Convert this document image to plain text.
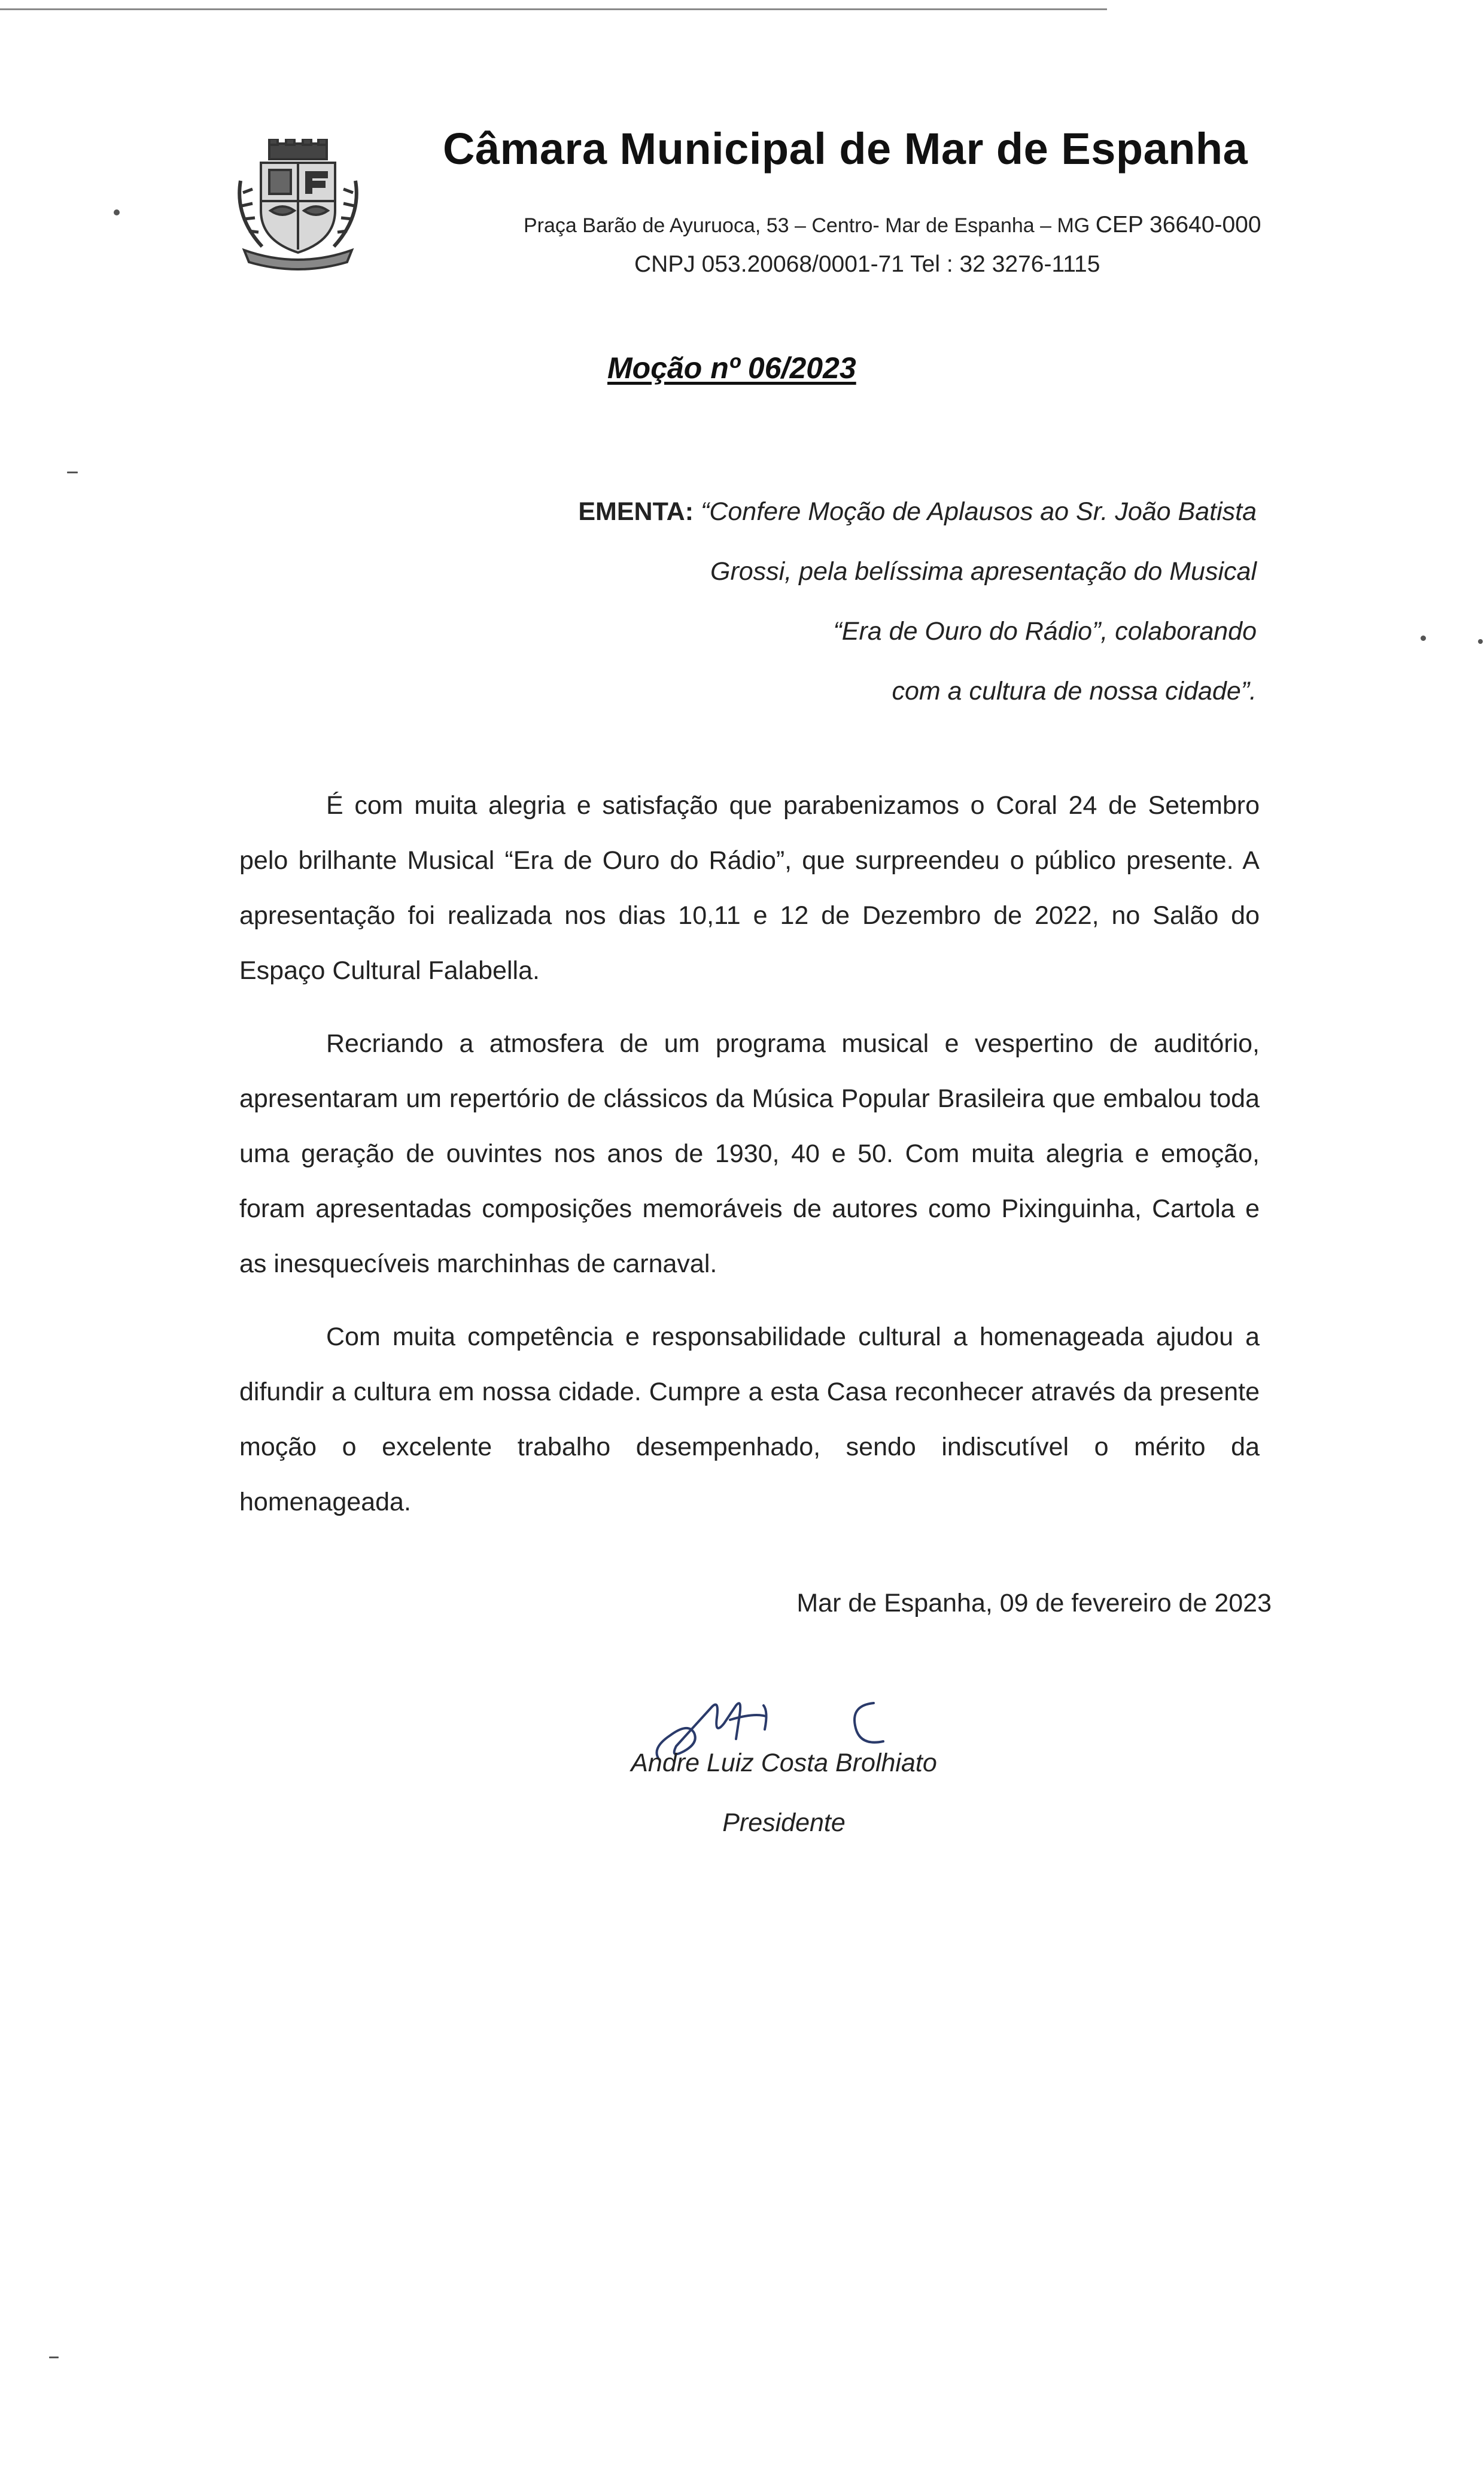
Câmara Municipal de Mar de Espanha
Praça Barão de Ayuruoca, 53 – Centro- Mar de Espanha – MG CEP 36640-000
CNPJ 053.20068/0001-71 Tel : 32 3276-1115
Moção nº 06/2023
EMENTA: “Confere Moção de Aplausos ao Sr. João Batista
Grossi, pela belíssima apresentação do Musical
“Era de Ouro do Rádio”, colaborando
com a cultura de nossa cidade”.

É com muita alegria e satisfação que parabenizamos o Coral 24 de Setembro pelo brilhante Musical “Era de Ouro do Rádio”, que surpreendeu o público presente. A apresentação foi realizada nos dias 10,11 e 12 de Dezembro de 2022, no Salão do Espaço Cultural Falabella.

Recriando a atmosfera de um programa musical e vespertino de auditório, apresentaram um repertório de clássicos da Música Popular Brasileira que embalou toda uma geração de ouvintes nos anos de 1930, 40 e 50. Com muita alegria e emoção, foram apresentadas composições memoráveis de autores como Pixinguinha, Cartola e as inesquecíveis marchinhas de carnaval.

Com muita competência e responsabilidade cultural a homenageada ajudou a difundir a cultura em nossa cidade. Cumpre a esta Casa reconhecer através da presente moção o excelente trabalho desempenhado, sendo indiscutível o mérito da homenageada.

Mar de Espanha, 09 de fevereiro de 2023
Andre Luiz Costa Brolhiato
Presidente
